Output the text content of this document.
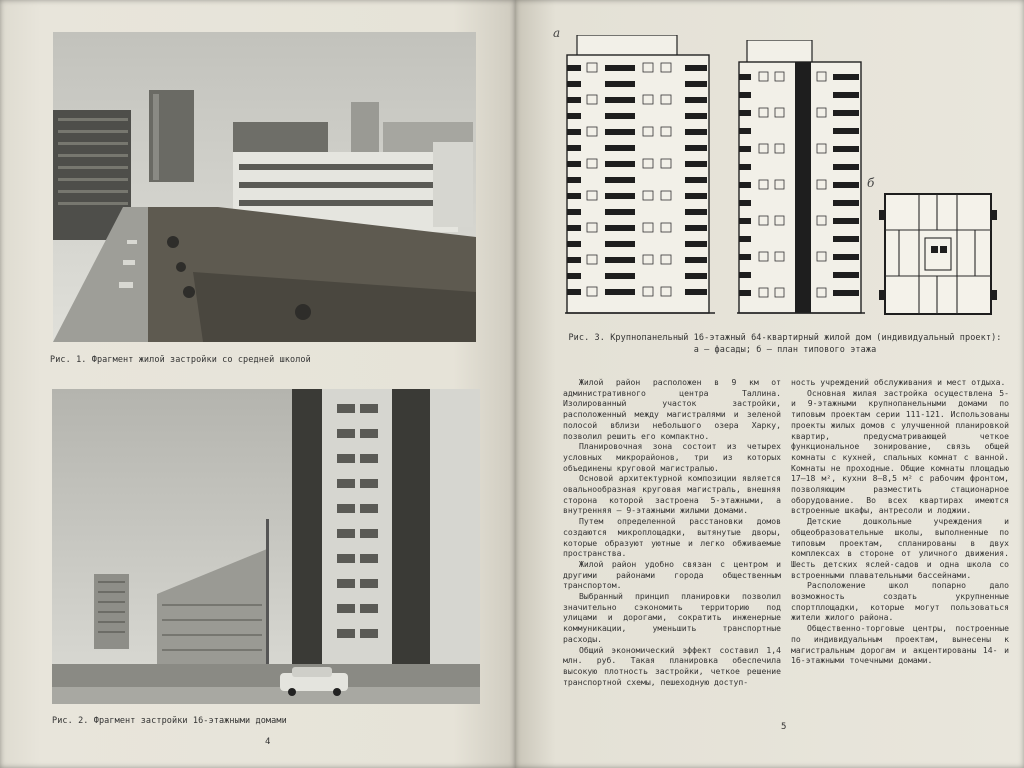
Рис. 1. Фрагмент жилой застройки со средней школой
Рис. 2. Фрагмент застройки 16-этажными домами
4
а
б
Рис. 3. Крупнопанельный 16-этажный 64-квартирный жилой дом (индивидуальный проект):
а – фасады; б – план типового этажа

Жилой район расположен в 9 км от административного центра Таллина. Изолированный участок застройки, расположенный между магистралями и зеленой полосой вблизи небольшого озера Харку, позволил решить его компактно.

Планировочная зона состоит из четырех условных микрорайонов, три из которых объединены круговой магистралью.

Основой архитектурной композиции является овальнообразная круговая магистраль, внешняя сторона которой застроена 5-этажными, а внутренняя – 9-этажными жилыми домами.

Путем определенной расстановки домов создаются микроплощадки, вытянутые дворы, которые образуют уютные и легко обживаемые пространства.

Жилой район удобно связан с центром и другими районами города общественным транспортом.

Выбранный принцип планировки позволил значительно сэкономить территорию под улицами и дорогами, сократить инженерные коммуникации, уменьшить транспортные расходы.

Общий экономический эффект составил 1,4 млн. руб. Такая планировка обеспечила высокую плотность застройки, четкое решение транспортной схемы, пешеходную доступ-

ность учреждений обслуживания и мест отдыха.

Основная жилая застройка осуществлена 5- и 9-этажными крупнопанельными домами по типовым проектам серии 111-121. Использованы проекты жилых домов с улучшенной планировкой квартир, предусматривающей четкое функциональное зонирование, связь общей комнаты с кухней, спальных комнат с ванной. Комнаты не проходные. Общие комнаты площадью 17–18 м², кухни 8–8,5 м² с рабочим фронтом, позволяющим разместить стационарное оборудование. Во всех квартирах имеются встроенные шкафы, антресоли и лоджии.

Детские дошкольные учреждения и общеобразовательные школы, выполненные по типовым проектам, спланированы в двух комплексах в стороне от уличного движения. Шесть детских яслей-садов и одна школа со встроенными плавательными бассейнами.

Расположение школ попарно дало возможность создать укрупненные спортплощадки, которые могут пользоваться жители жилого района.

Общественно-торговые центры, построенные по индивидуальным проектам, вынесены к магистральным дорогам и акцентированы 14- и 16-этажными точечными домами.

5
